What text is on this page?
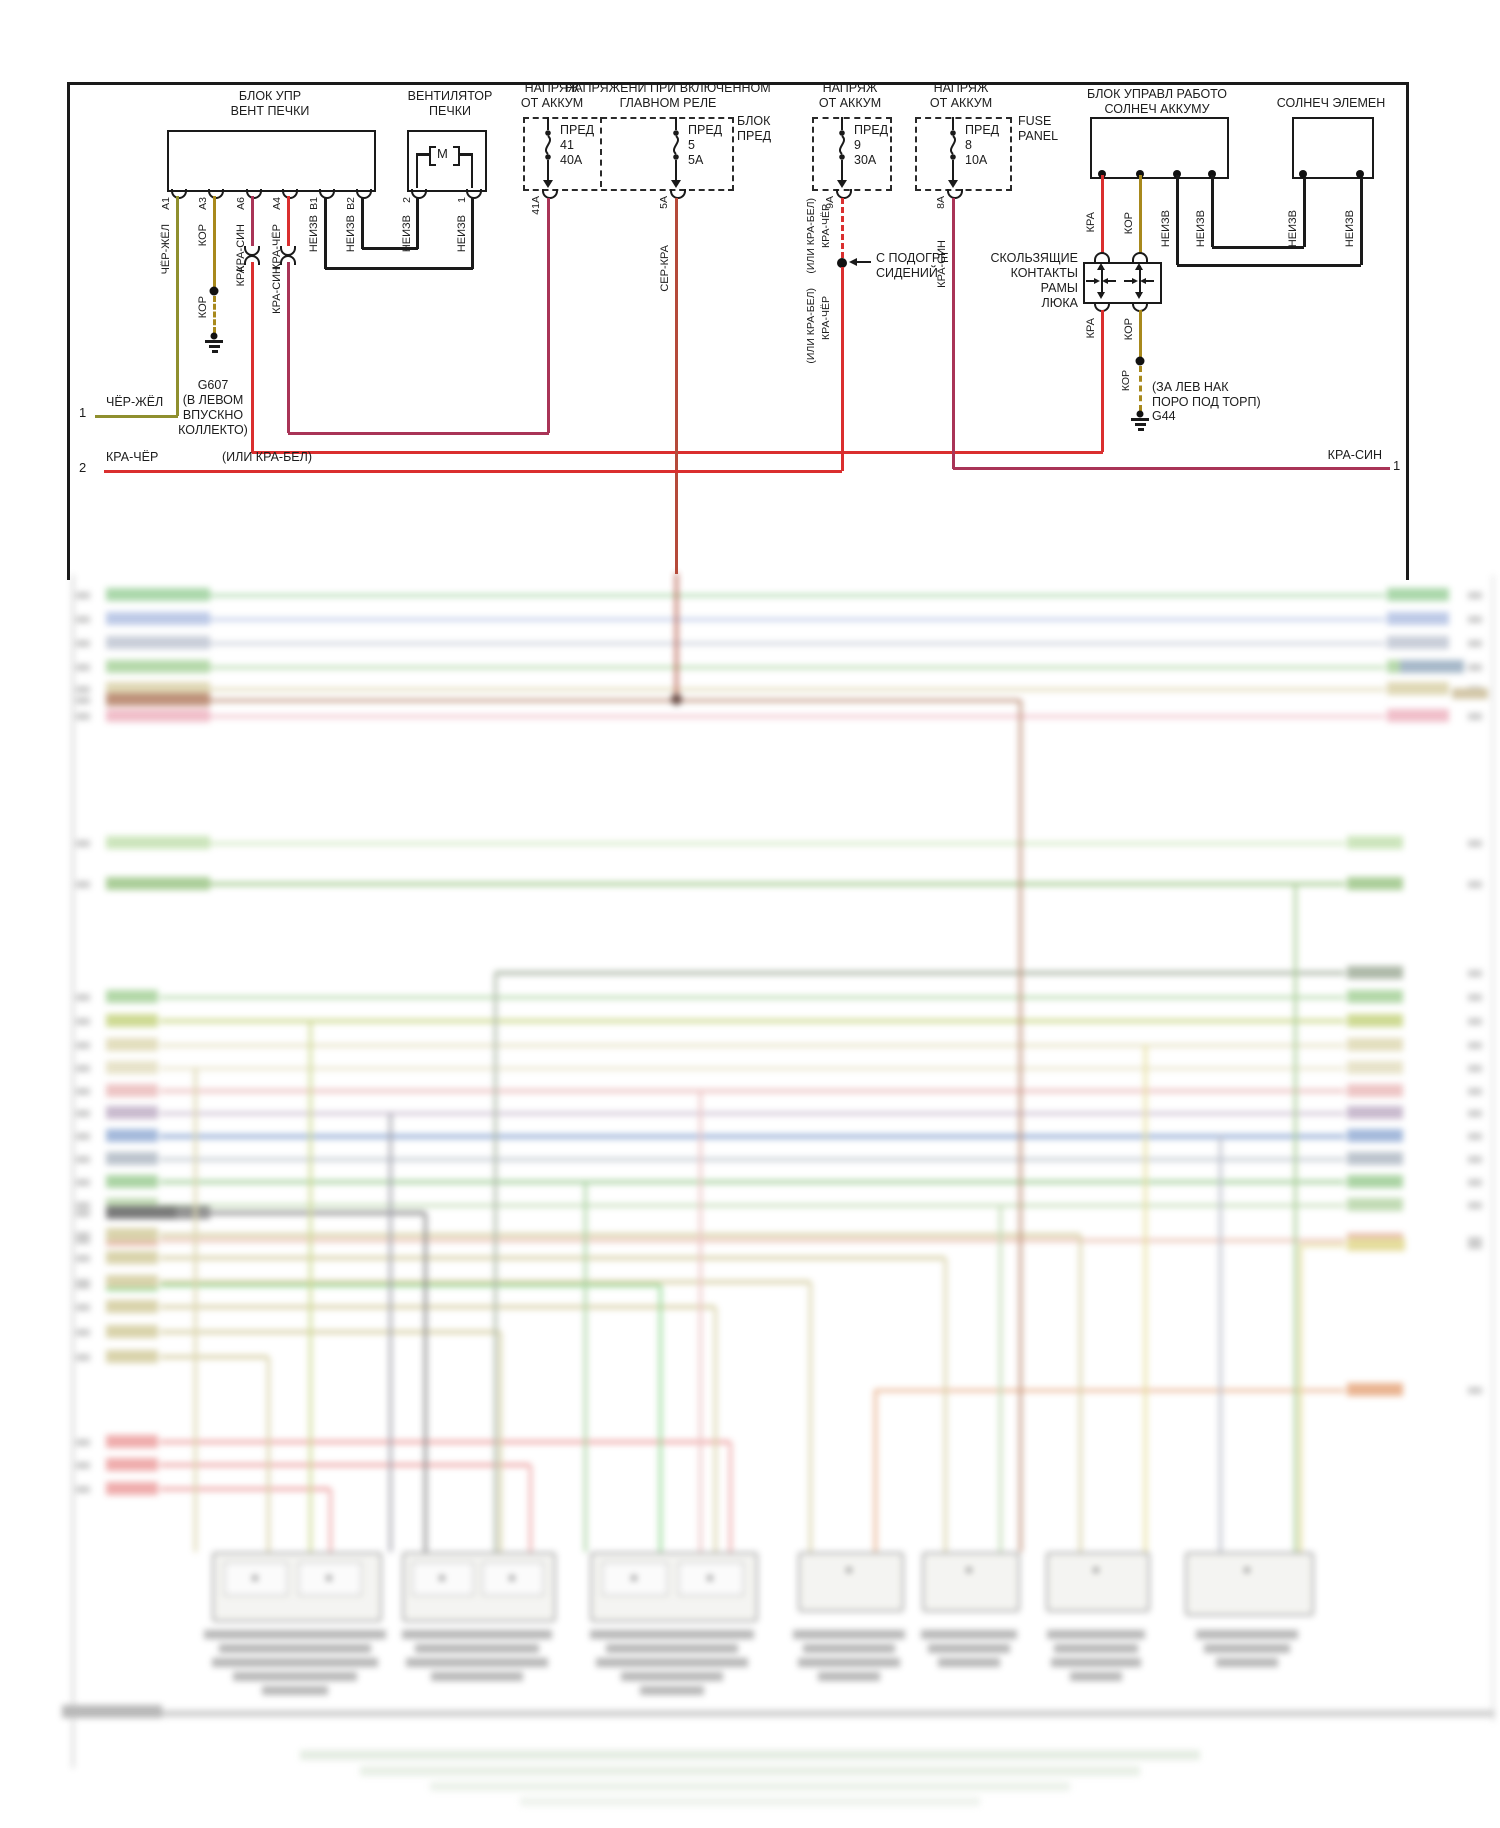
БЛОК УПР
ВЕНТ ПЕЧКИ
А1 А3 А6 А4 В1 В2
ЧЁР-ЖЁЛ КОР КРА-СИН КРА-ЧЁР НЕИЗВ НЕИЗВ
1
ЧЁР-ЖЁЛ
КОР
G607
(В ЛЕВОМ
ВПУСКНО
КОЛЛЕКТО)
КРА КРА-СИН
ВЕНТИЛЯТОР
ПЕЧКИ
М
2	1
НЕИЗВ	НЕИЗВ
НАПРЯЖ
ОТ АККУМ
НАПРЯЖЕНИ ПРИ ВКЛЮЧЕННОМ
ГЛАВНОМ РЕЛЕ
БЛОК
ПРЕД
ПРЕД
41
40А
41А
ПРЕД
5
5А
5А
СЕР-КРА
НАПРЯЖ
ОТ АККУМ
НАПРЯЖ
ОТ АККУМ
FUSE
PANEL
ПРЕД
9
30А
9А
(ИЛИ КРА-БЕЛ) КРА-ЧЁР
С ПОДОГРЕ
СИДЕНИЙ
(ИЛИ КРА-БЕЛ) КРА-ЧЁР
2
КРА-ЧЁР	(ИЛИ КРА-БЕЛ)
ПРЕД
8
10А
8А
КРА-СИН
КРА-СИН
1
БЛОК УПРАВЛ РАБОТО
СОЛНЕЧ АККУМУ
КРА
КРА
КОР
КОР
КОР (ЗА ЛЕВ НАК
ПОРО ПОД ТОРП)
G44
НЕИЗВ НЕИЗВ	НЕИЗВ	НЕИЗВ
СОЛНЕЧ ЭЛЕМЕН
СКОЛЬЗЯЩИЕ
КОНТАКТЫ
РАМЫ
ЛЮКА
